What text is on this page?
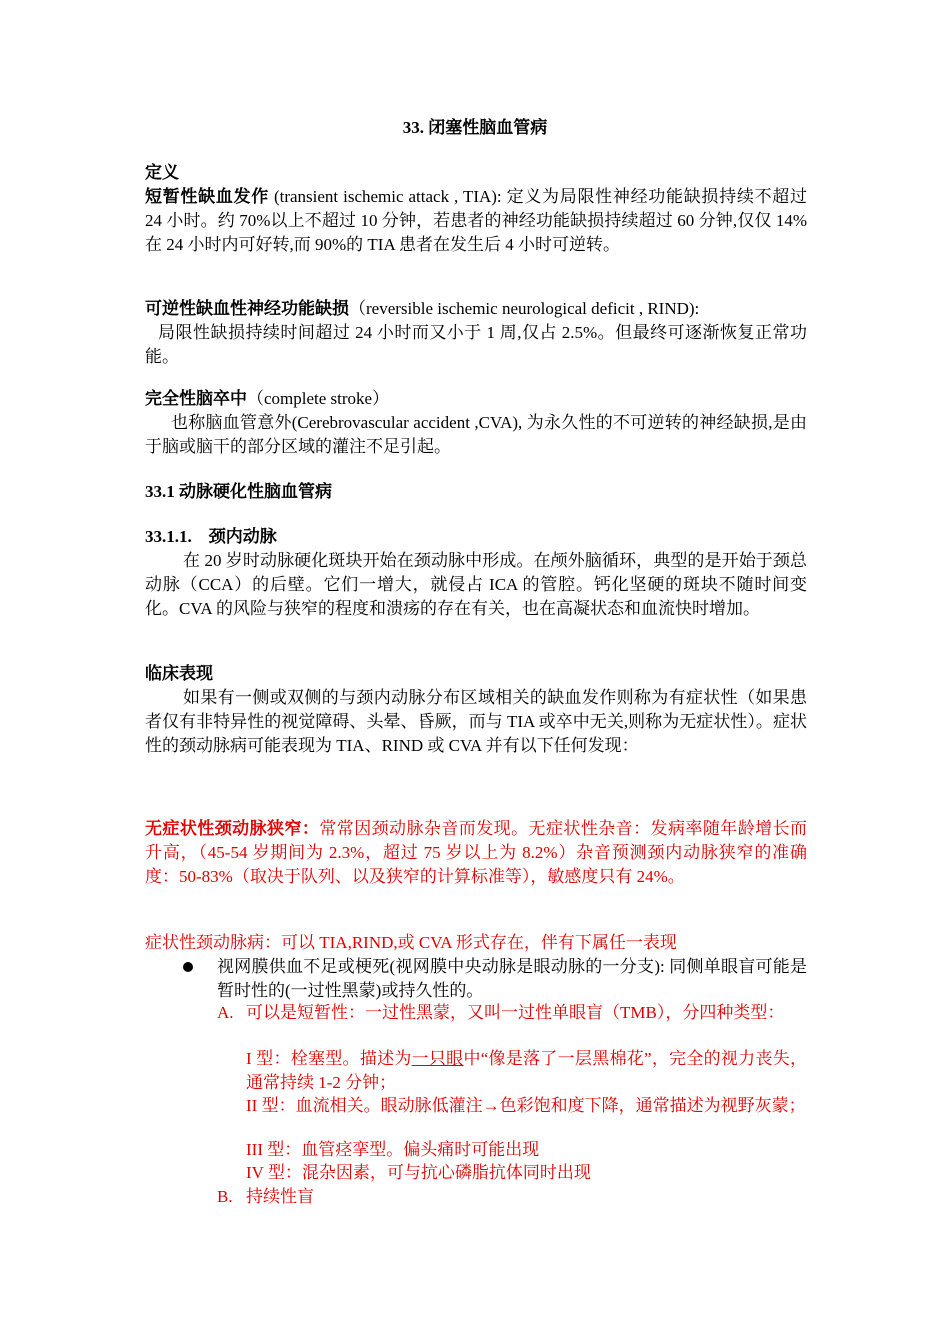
33. 闭塞性脑血管病

定义

短暂性缺血发作 (transient ischemic attack , TIA): 定义为局限性神经功能缺损持续不超过 24 小时。约 70%以上不超过 10 分钟，若患者的神经功能缺损持续超过 60 分钟,仅仅 14%在 24 小时内可好转,而 90%的 TIA 患者在发生后 4 小时可逆转。

可逆性缺血性神经功能缺损（reversible ischemic neurological deficit , RIND):

局限性缺损持续时间超过 24 小时而又小于 1 周,仅占 2.5%。但最终可逐渐恢复正常功能。

完全性脑卒中（complete stroke）

也称脑血管意外(Cerebrovascular accident ,CVA), 为永久性的不可逆转的神经缺损,是由于脑或脑干的部分区域的灌注不足引起。

33.1 动脉硬化性脑血管病

33.1.1.    颈内动脉

在 20 岁时动脉硬化斑块开始在颈动脉中形成。在颅外脑循环，典型的是开始于颈总动脉（CCA）的后壁。它们一增大，就侵占 ICA 的管腔。钙化坚硬的斑块不随时间变化。CVA 的风险与狭窄的程度和溃疡的存在有关，也在高凝状态和血流快时增加。

临床表现

如果有一侧或双侧的与颈内动脉分布区域相关的缺血发作则称为有症状性（如果患者仅有非特异性的视觉障碍、头晕、昏厥，而与 TIA 或卒中无关,则称为无症状性）。症状性的颈动脉病可能表现为 TIA、RIND 或 CVA 并有以下任何发现：

无症状性颈动脉狭窄：常常因颈动脉杂音而发现。无症状性杂音：发病率随年龄增长而升高，（45-54 岁期间为 2.3%，超过 75 岁以上为 8.2%）杂音预测颈内动脉狭窄的准确度：50-83%（取决于队列、以及狭窄的计算标准等），敏感度只有 24%。

症状性颈动脉病：可以 TIA,RIND,或 CVA 形式存在，伴有下属任一表现
视网膜供血不足或梗死(视网膜中央动脉是眼动脉的一分支): 同侧单眼盲可能是暂时性的(一过性黑蒙)或持久性的。
A. 可以是短暂性：一过性黑蒙，又叫一过性单眼盲（TMB），分四种类型：
I 型：栓塞型。描述为一只眼中“像是落了一层黑棉花”，完全的视力丧失，通常持续 1-2 分钟；
II 型：血流相关。眼动脉低灌注→色彩饱和度下降，通常描述为视野灰蒙；
III 型：血管痉挛型。偏头痛时可能出现
IV 型：混杂因素，可与抗心磷脂抗体同时出现
B. 持续性盲
